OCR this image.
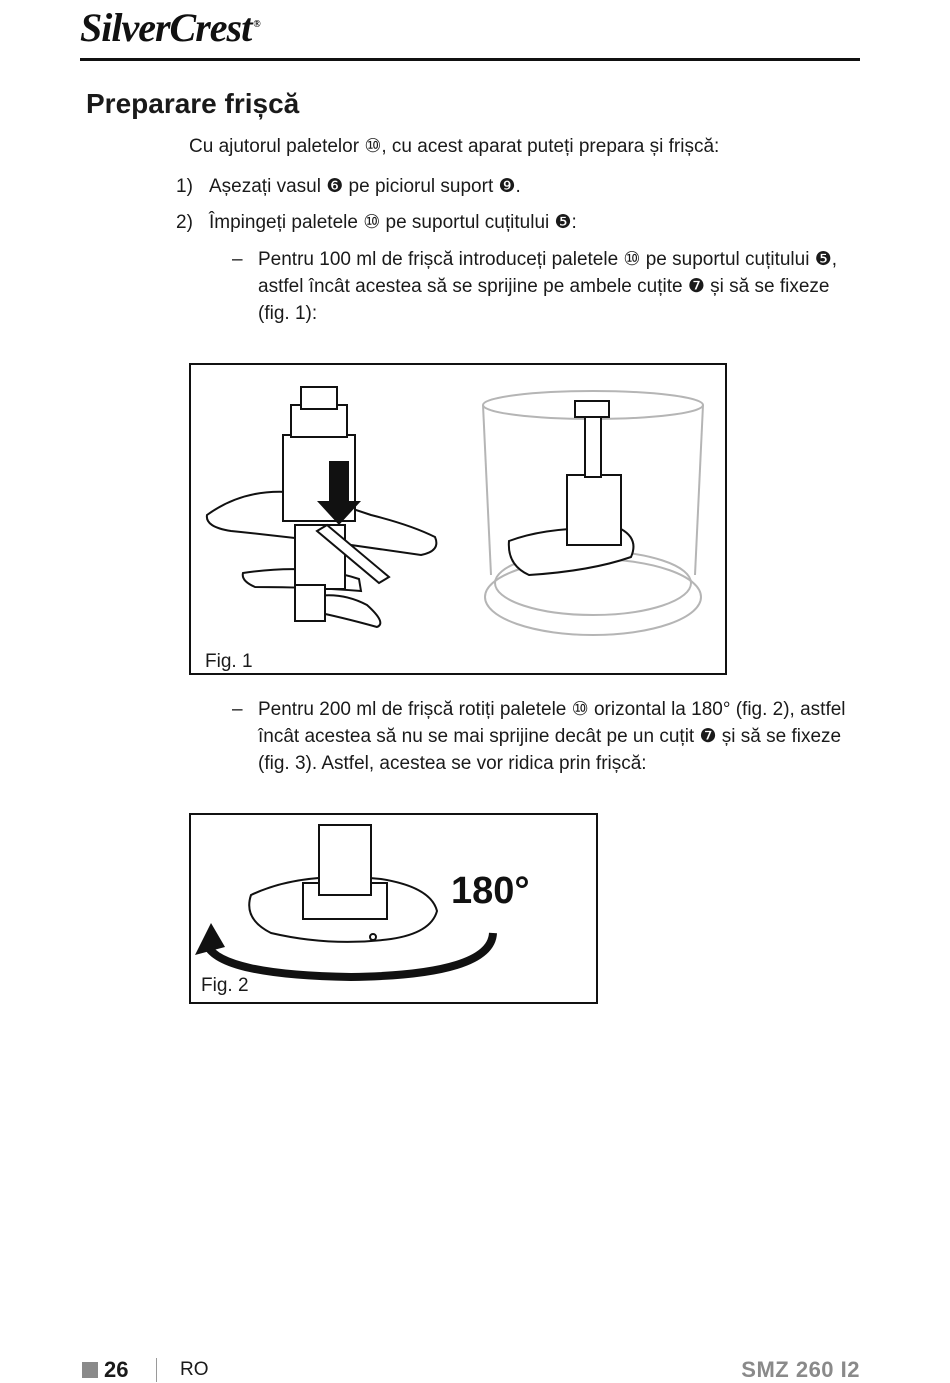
SilverCrest ®
Preparare frișcă
Cu ajutorul paletelor ⑩, cu acest aparat puteți prepara și frișcă:
1) Așezați vasul ❻ pe piciorul suport ❾.
2) Împingeți paletele ⑩ pe suportul cuțitului ❺:
– Pentru 100 ml de frișcă introduceți paletele ⑩ pe suportul cuțitului ❺,
astfel încât acestea să se sprijine pe ambele cuțite ❼ și să se fixeze
(fig. 1):
Fig. 1
– Pentru 200 ml de frișcă rotiți paletele ⑩ orizontal la 180° (fig. 2), astfel
încât acestea să nu se mai sprijine decât pe un cuțit ❼ și să se fixeze
(fig. 3). Astfel, acestea se vor ridica prin frișcă:
180°
Fig. 2
26	RO	SMZ 260 I2
